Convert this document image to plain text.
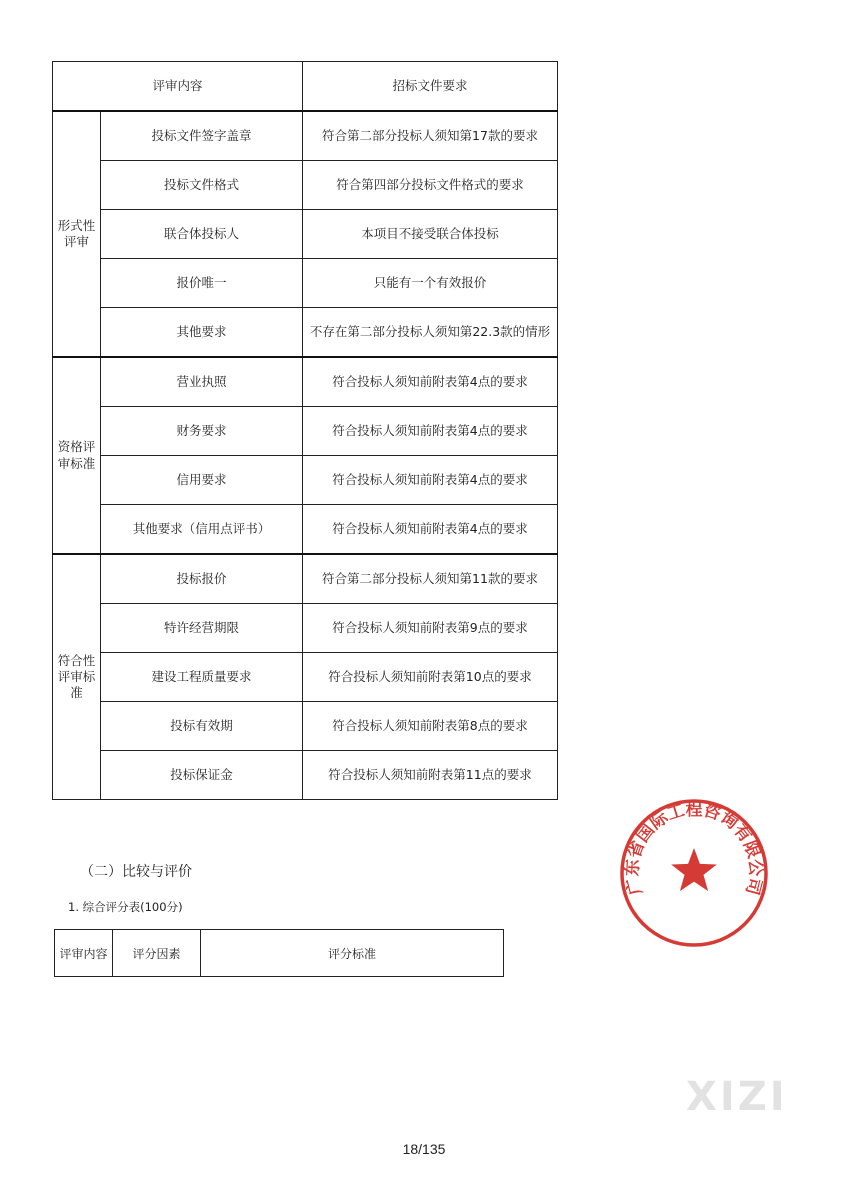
评审内容		招标文件要求
形式性评审	投标文件签字盖章	符合第二部分投标人须知第17款的要求
	投标文件格式	符合第四部分投标文件格式的要求
	联合体投标人	本项目不接受联合体投标
	报价唯一	只能有一个有效报价
	其他要求	不存在第二部分投标人须知第22.3款的情形
资格评审标准	营业执照	符合投标人须知前附表第4点的要求
	财务要求	符合投标人须知前附表第4点的要求
	信用要求	符合投标人须知前附表第4点的要求
	其他要求（信用点评书）	符合投标人须知前附表第4点的要求
符合性评审标准	投标报价	符合第二部分投标人须知第11款的要求
	特许经营期限	符合投标人须知前附表第9点的要求
	建设工程质量要求	符合投标人须知前附表第10点的要求
	投标有效期	符合投标人须知前附表第8点的要求
	投标保证金	符合投标人须知前附表第11点的要求
（二）比较与评价
1. 综合评分表(100分)
评审内容	评分因素	评分标准
广东省国际工程咨询有限公司
XIZI
18/135
